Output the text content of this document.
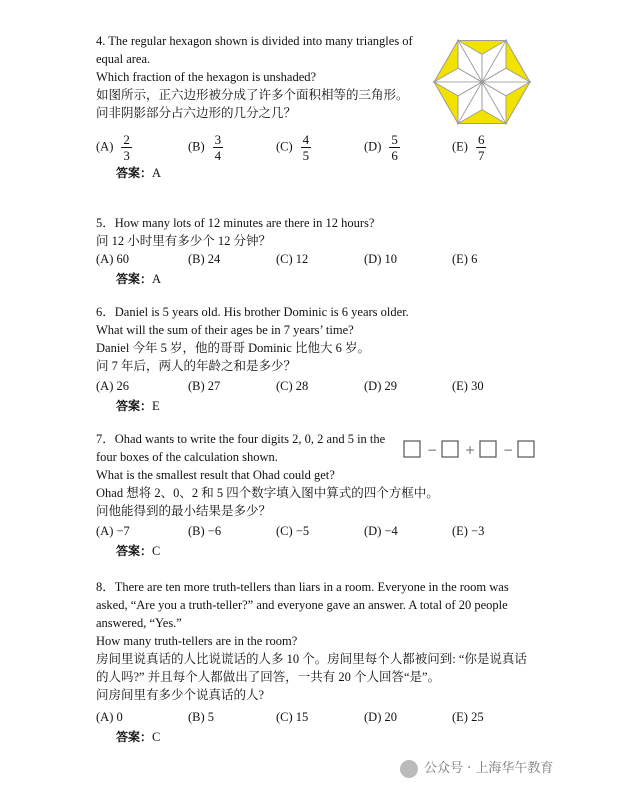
4. The regular hexagon shown is divided into many triangles of

equal area.

Which fraction of the hexagon is unshaded?

如图所示，正六边形被分成了许多个面积相等的三角形。

问非阴影部分占六边形的几分之几？

$(A) \frac{2}{3}$	$(B) \frac{3}{4}$	$(C) \frac{4}{5}$	$(D) \frac{5}{6}$	$(E) \frac{6}{7}$
答案：A

5．How many lots of 12 minutes are there in 12 hours?

问 12 小时里有多少个 12 分钟？

(A) 60	(B) 24	(C) 12	(D) 10	(E) 6
答案：A

6．Daniel is 5 years old. His brother Dominic is 6 years older.

What will the sum of their ages be in 7 years’ time?

Daniel 今年 5 岁，他的哥哥 Dominic 比他大 6 岁。

问 7 年后，两人的年龄之和是多少？

(A) 26	(B) 27	(C) 28	(D) 29	(E) 30
答案：E

7．Ohad wants to write the four digits 2, 0, 2 and 5 in the

four boxes of the calculation shown.

What is the smallest result that Ohad could get?

Ohad 想将 2、0、2 和 5 四个数字填入图中算式的四个方框中。

问他能得到的最小结果是多少？

(A) −7	(B) −6	(C) −5	(D) −4	(E) −3
答案：C
− + −

8．There are ten more truth-tellers than liars in a room. Everyone in the room was

asked, “Are you a truth-teller?” and everyone gave an answer. A total of 20 people

answered, “Yes.”

How many truth-tellers are in the room?

房间里说真话的人比说谎话的人多 10 个。房间里每个人都被问到: “你是说真话

的人吗?” 并且每个人都做出了回答，一共有 20 个人回答“是”。

问房间里有多少个说真话的人?

(A) 0	(B) 5	(C) 15	(D) 20	(E) 25
答案：C
公众号 · 上海华午教育
